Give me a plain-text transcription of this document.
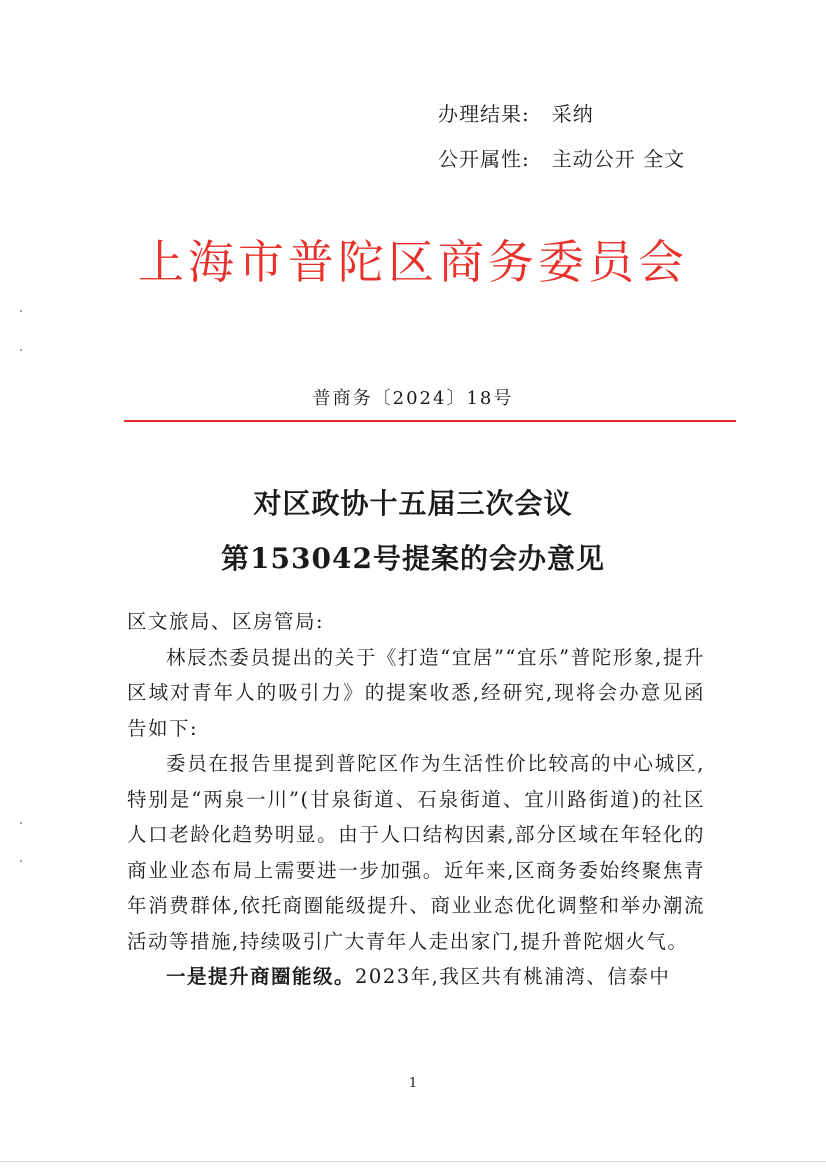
办理结果: 采纳
公开属性: 主动公开 全文
上海市普陀区商务委员会
普商务〔2024〕18号
对区政协十五届三次会议
第153042号提案的会办意见

区文旅局、区房管局:

林辰杰委员提出的关于《打造“宜居”“宜乐”普陀形象,提升区域对青年人的吸引力》的提案收悉,经研究,现将会办意见函告如下:

委员在报告里提到普陀区作为生活性价比较高的中心城区,特别是“两泉一川”(甘泉街道、石泉街道、宜川路街道)的社区人口老龄化趋势明显。由于人口结构因素,部分区域在年轻化的商业业态布局上需要进一步加强。近年来,区商务委始终聚焦青年消费群体,依托商圈能级提升、商业业态优化调整和举办潮流活动等措施,持续吸引广大青年人走出家门,提升普陀烟火气。

一是提升商圈能级。2023年,我区共有桃浦湾、信泰中

1
